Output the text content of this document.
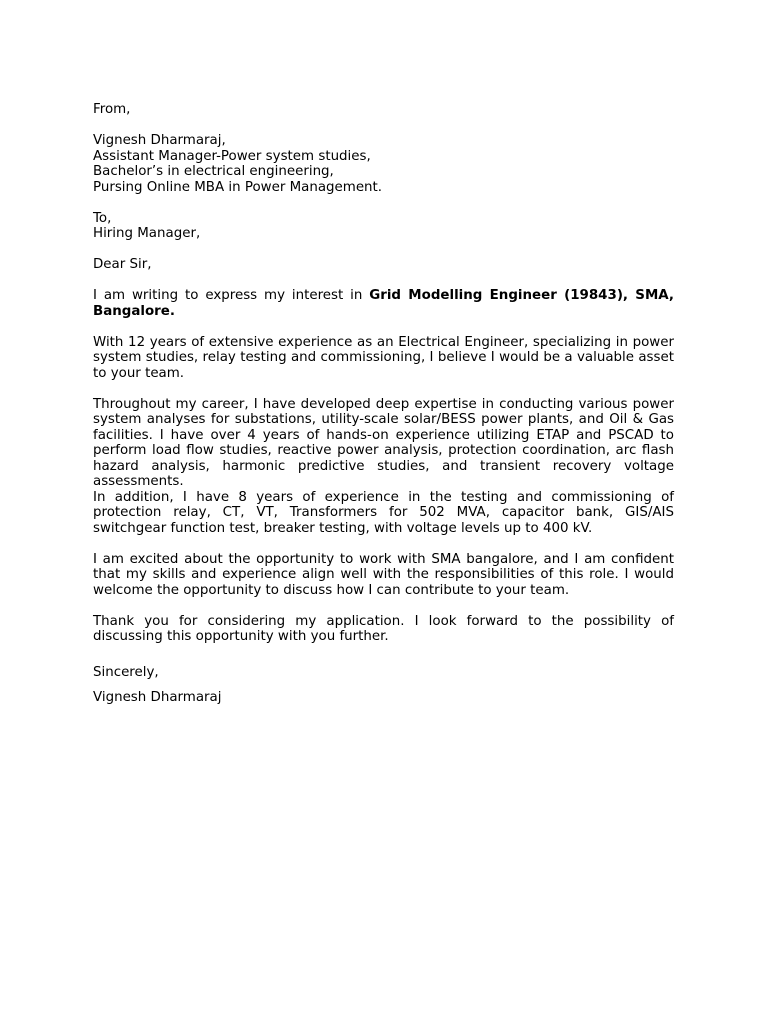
From,
Vignesh Dharmaraj,
Assistant Manager-Power system studies,
Bachelor’s in electrical engineering,
Pursing Online MBA in Power Management.
To,
Hiring Manager,
Dear Sir,

I am writing to express my interest in Grid Modelling Engineer (19843), SMA, Bangalore.

With 12 years of extensive experience as an Electrical Engineer, specializing in power system studies, relay testing and commissioning, I believe I would be a valuable asset to your team.

Throughout my career, I have developed deep expertise in conducting various power system analyses for substations, utility-scale solar/BESS power plants, and Oil & Gas facilities. I have over 4 years of hands-on experience utilizing ETAP and PSCAD to perform load flow studies, reactive power analysis, protection coordination, arc flash hazard analysis, harmonic predictive studies, and transient recovery voltage assessments.

In addition, I have 8 years of experience in the testing and commissioning of protection relay, CT, VT, Transformers for 502 MVA, capacitor bank, GIS/AIS switchgear function test, breaker testing, with voltage levels up to 400 kV.

I am excited about the opportunity to work with SMA bangalore, and I am confident that my skills and experience align well with the responsibilities of this role. I would welcome the opportunity to discuss how I can contribute to your team.

Thank you for considering my application. I look forward to the possibility of discussing this opportunity with you further.

Sincerely,
Vignesh Dharmaraj
